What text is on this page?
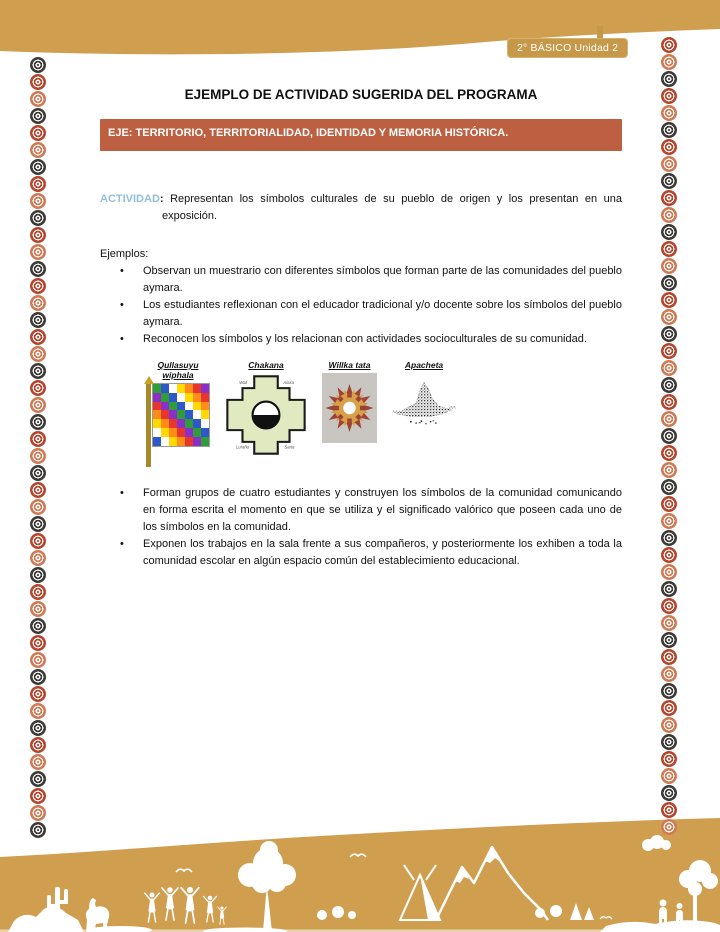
2° BÁSICO Unidad 2
EJEMPLO DE ACTIVIDAD SUGERIDA DEL PROGRAMA
EJE: TERRITORIO, TERRITORIALIDAD, IDENTIDAD Y MEMORIA HISTÓRICA.

ACTIVIDAD: Representan los símbolos culturales de su pueblo de origen y los presentan en una exposición.

Ejemplos:
• Observan un muestrario con diferentes símbolos que forman parte de las comunidades del pueblo aymara.
• Los estudiantes reflexionan con el educador tradicional y/o docente sobre los símbolos del pueblo aymara.
• Reconocen los símbolos y los relacionan con actividades socioculturales de su comunidad.
Qullasuyu wiphala
Chakana
Wali	Alaxa
Luraña	Sarta
Willka tata	Apacheta
• Forman grupos de cuatro estudiantes y construyen los símbolos de la comunidad comunicando en forma escrita el momento en que se utiliza y el significado valórico que poseen cada uno de los símbolos en la comunidad.
• Exponen los trabajos en la sala frente a sus compañeros, y posteriormente los exhiben a toda la comunidad escolar en algún espacio común del establecimiento educacional.
